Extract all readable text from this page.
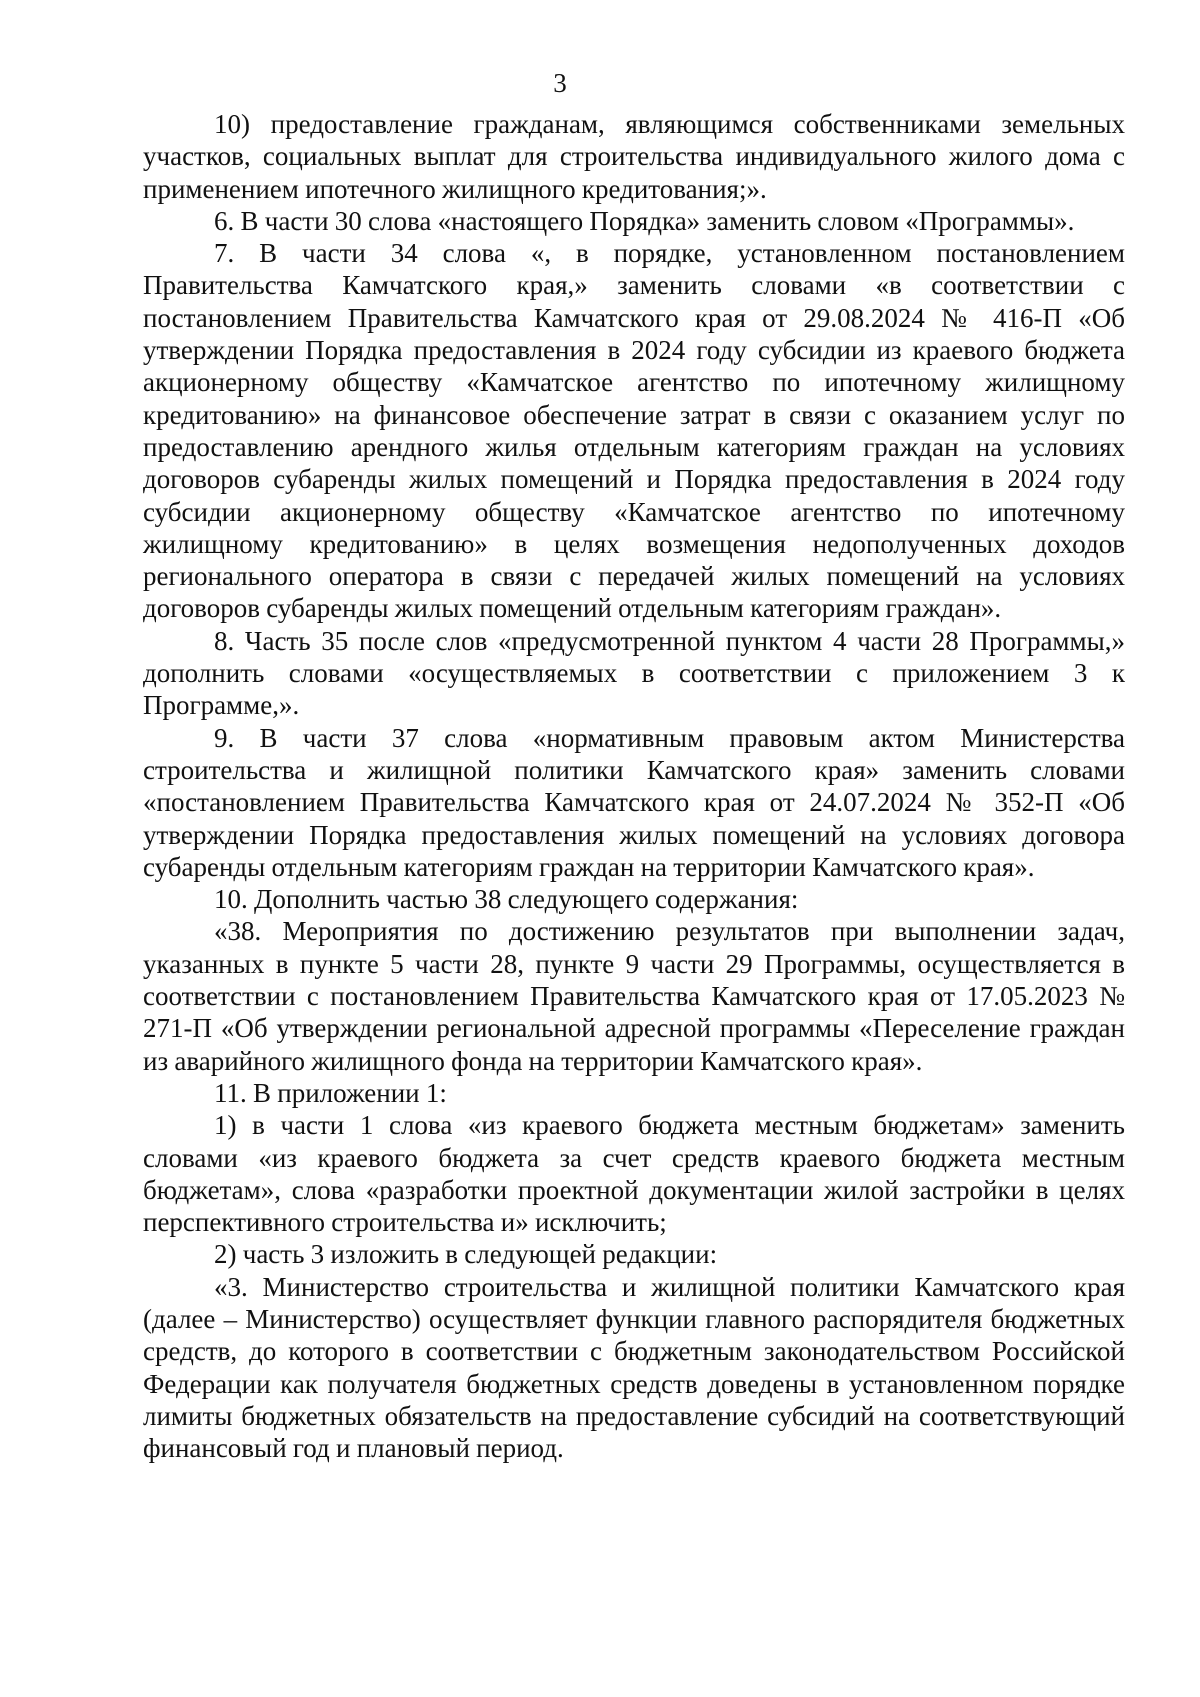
3

10) предоставление гражданам, являющимся собственниками земельных участков, социальных выплат для строительства индивидуального жилого дома с применением ипотечного жилищного кредитования;».

6. В части 30 слова «настоящего Порядка» заменить словом «Программы».

7. В части 34 слова «, в порядке, установленном постановлением Правительства Камчатского края,» заменить словами «в соответствии с постановлением Правительства Камчатского края от 29.08.2024 № 416-П «Об утверждении Порядка предоставления в 2024 году субсидии из краевого бюджета акционерному обществу «Камчатское агентство по ипотечному жилищному кредитованию» на финансовое обеспечение затрат в связи с оказанием услуг по предоставлению арендного жилья отдельным категориям граждан на условиях договоров субаренды жилых помещений и Порядка предоставления в 2024 году субсидии акционерному обществу «Камчатское агентство по ипотечному жилищному кредитованию» в целях возмещения недополученных доходов регионального оператора в связи с передачей жилых помещений на условиях договоров субаренды жилых помещений отдельным категориям граждан».

8. Часть 35 после слов «предусмотренной пунктом 4 части 28 Программы,» дополнить словами «осуществляемых в соответствии с приложением 3 к Программе,».

9. В части 37 слова «нормативным правовым актом Министерства строительства и жилищной политики Камчатского края» заменить словами «постановлением Правительства Камчатского края от 24.07.2024 № 352-П «Об утверждении Порядка предоставления жилых помещений на условиях договора субаренды отдельным категориям граждан на территории Камчатского края».

10. Дополнить частью 38 следующего содержания:

«38. Мероприятия по достижению результатов при выполнении задач, указанных в пункте 5 части 28, пункте 9 части 29 Программы, осуществляется в соответствии с постановлением Правительства Камчатского края от 17.05.2023 № 271-П «Об утверждении региональной адресной программы «Переселение граждан из аварийного жилищного фонда на территории Камчатского края».

11. В приложении 1:

1) в части 1 слова «из краевого бюджета местным бюджетам» заменить словами «из краевого бюджета за счет средств краевого бюджета местным бюджетам», слова «разработки проектной документации жилой застройки в целях перспективного строительства и» исключить;

2) часть 3 изложить в следующей редакции:

«3. Министерство строительства и жилищной политики Камчатского края (далее – Министерство) осуществляет функции главного распорядителя бюджетных средств, до которого в соответствии с бюджетным законодательством Российской Федерации как получателя бюджетных средств доведены в установленном порядке лимиты бюджетных обязательств на предоставление субсидий на соответствующий финансовый год и плановый период.
